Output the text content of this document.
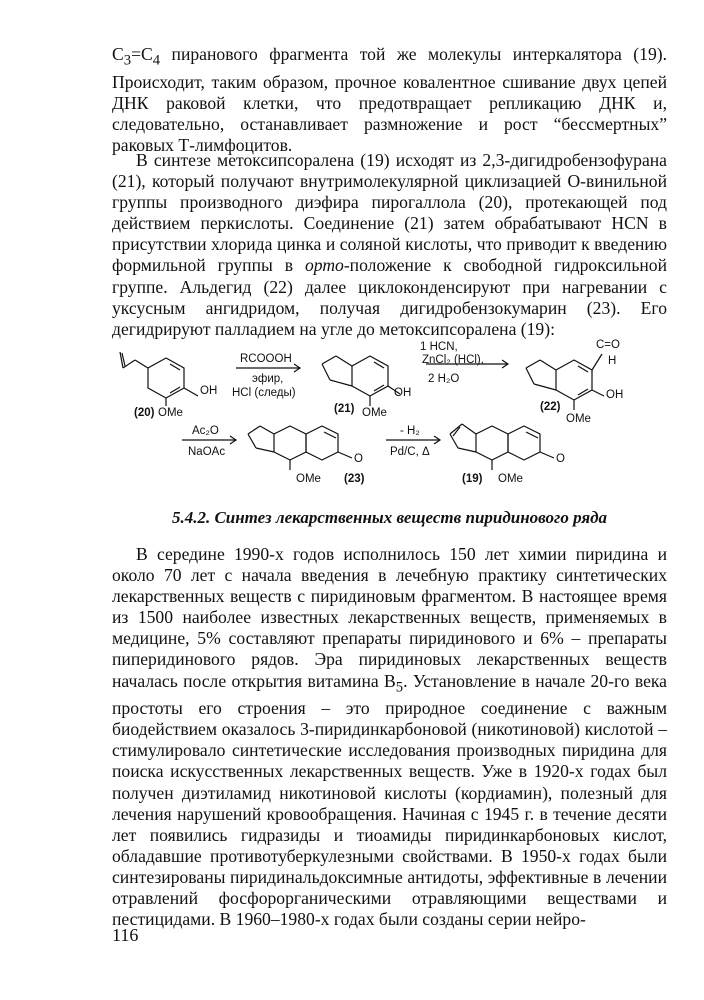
$C_3=C_4$ пиранового фрагмента той же молекулы интеркалятора (19). Происходит, таким образом, прочное ковалентное сшивание двух цепей ДНК раковой клетки, что предотвращает репликацию ДНК и, следовательно, останавливает размножение и рост “бессмертных” раковых Т-лимфоцитов.

В синтезе метоксипсоралена (19) исходят из 2,3-дигидробензофурана (21), который получают внутримолекулярной циклизацией О-винильной группы производного диэфира пирогаллола (20), протекающей под действием перкислоты. Соединение (21) затем обрабатывают HCN в присутствии хлорида цинка и соляной кислоты, что приводит к введению формильной группы в орто-положение к свободной гидроксильной группе. Альдегид (22) далее циклоконденсируют при нагревании с уксусным ангидридом, получая дигидробензокумарин (23). Его дегидрируют палладием на угле до метоксипсоралена (19):

OH
OMe
(20)
RCOOOH
эфир,
HCl (следы)	OH
OMe
(21)
1 HCN,
ZnCl₂ (HCl),
2 H₂O
C=O
H
OH
OMe
(22)
Ac₂O
NaOAc
O
OMe (23)
- H₂
Pd/C, Δ
O
OMe
(19)

5.4.2. Синтез лекарственных веществ пиридинового ряда

В середине 1990-х годов исполнилось 150 лет химии пиридина и около 70 лет с начала введения в лечебную практику синтетических лекарственных веществ с пиридиновым фрагментом. В настоящее время из 1500 наиболее известных лекарственных веществ, применяемых в медицине, 5% составляют препараты пиридинового и 6% – препараты пиперидинового рядов. Эра пиридиновых лекарственных веществ началась после открытия витамина $B_5$. Установление в начале 20-го века простоты его строения – это природное соединение с важным биодействием оказалось 3-пиридинкарбоновой (никотиновой) кислотой – стимулировало синтетические исследования производных пиридина для поиска искусственных лекарственных веществ. Уже в 1920-х годах был получен диэтиламид никотиновой кислоты (кордиамин), полезный для лечения нарушений кровообращения. Начиная с 1945 г. в течение десяти лет появились гидразиды и тиоамиды пиридинкарбоновых кислот, обладавшие противотуберкулезными свойствами. В 1950-х годах были синтезированы пиридинальдоксимные антидоты, эффективные в лечении отравлений фосфорорганическими отравляющими веществами и пестицидами. В 1960–1980-х годах были созданы серии нейро-

116
